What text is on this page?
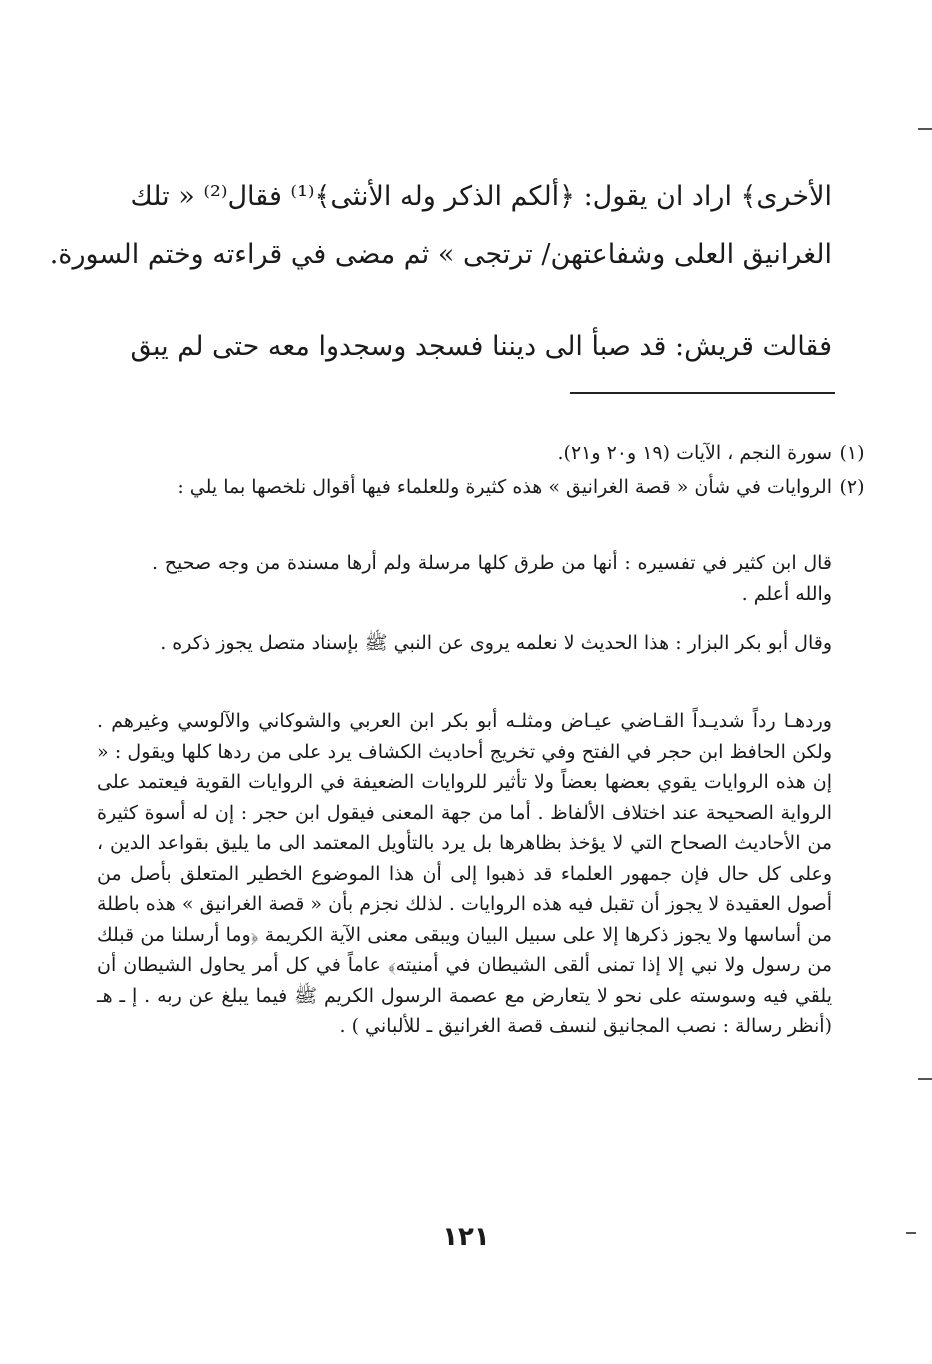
الأخرى﴾ اراد ان يقول: ﴿ألكم الذكر وله الأنثى﴾⁽¹⁾ فقال⁽²⁾ « تلك
الغرانيق العلى وشفاعتهن/ ترتجى » ثم مضى في قراءته وختم السورة.
فقالت قريش: قد صبأ الى ديننا فسجد وسجدوا معه حتى لم يبق
(١)
سورة النجم ، الآيات (١٩ و٢٠ و٢١).
(٢)
الروايات في شأن « قصة الغرانيق » هذه كثيرة وللعلماء فيها أقوال نلخصها بما يلي :
قال ابن كثير في تفسيره : أنها من طرق كلها مرسلة ولم أرها مسندة من وجه صحيح . والله أعلم .
وقال أبو بكر البزار : هذا الحديث لا نعلمه يروى عن النبي ﷺ بإسناد متصل يجوز ذكره .
وردهـا رداً شديـداً القـاضي عيـاض ومثلـه أبو بكر ابن العربي والشوكاني والآلوسي وغيرهم . ولكن الحافظ ابن حجر في الفتح وفي تخريج أحاديث الكشاف يرد على من ردها كلها ويقول : « إن هذه الروايات يقوي بعضها بعضاً ولا تأثير للروايات الضعيفة في الروايات القوية فيعتمد على الرواية الصحيحة عند اختلاف الألفاظ . أما من جهة المعنى فيقول ابن حجر : إن له أسوة كثيرة من الأحاديث الصحاح التي لا يؤخذ بظاهرها بل يرد بالتأويل المعتمد الى ما يليق بقواعد الدين ، وعلى كل حال فإن جمهور العلماء قد ذهبوا إلى أن هذا الموضوع الخطير المتعلق بأصل من أصول العقيدة لا يجوز أن تقبل فيه هذه الروايات . لذلك نجزم بأن « قصة الغرانيق » هذه باطلة من أساسها ولا يجوز ذكرها إلا على سبيل البيان ويبقى معنى الآية الكريمة ﴿وما أرسلنا من قبلك من رسول ولا نبي إلا إذا تمنى ألقى الشيطان في أمنيته﴾ عاماً في كل أمر يحاول الشيطان أن يلقي فيه وسوسته على نحو لا يتعارض مع عصمة الرسول الكريم ﷺ فيما يبلغ عن ربه . إ ـ هـ (أنظر رسالة : نصب المجانيق لنسف قصة الغرانيق ـ للألباني ) .
١٢١
